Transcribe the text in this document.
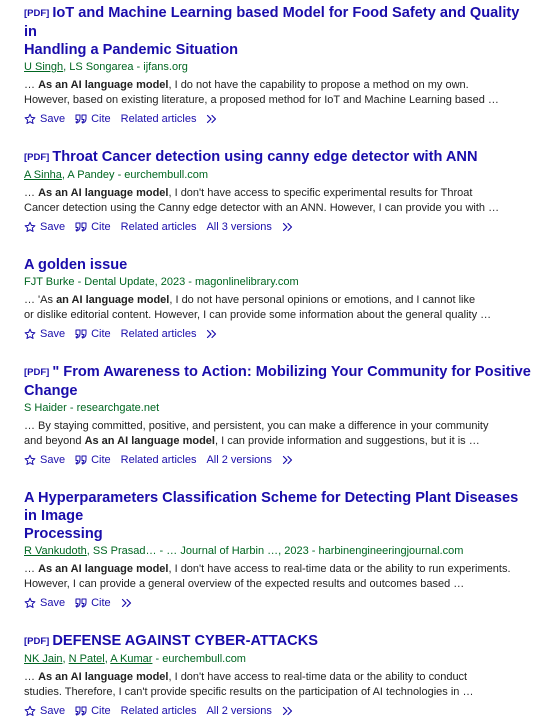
[PDF] IoT and Machine Learning based Model for Food Safety and Quality in
Handling a Pandemic Situation
U Singh, LS Songarea - ijfans.org
… As an AI language model, I do not have the capability to propose a method on my own.
However, based on existing literature, a proposed method for IoT and Machine Learning based …
Save Cite Related articles
[PDF] Throat Cancer detection using canny edge detector with ANN
A Sinha, A Pandey - eurchembull.com
… As an AI language model, I don't have access to specific experimental results for Throat
Cancer detection using the Canny edge detector with an ANN. However, I can provide you with …
Save Cite Related articles All 3 versions
A golden issue
FJT Burke - Dental Update, 2023 - magonlinelibrary.com
… 'As an AI language model, I do not have personal opinions or emotions, and I cannot like
or dislike editorial content. However, I can provide some information about the general quality …
Save Cite Related articles
[PDF] " From Awareness to Action: Mobilizing Your Community for Positive Change
S Haider - researchgate.net
… By staying committed, positive, and persistent, you can make a difference in your community
and beyond As an AI language model, I can provide information and suggestions, but it is …
Save Cite Related articles All 2 versions
A Hyperparameters Classification Scheme for Detecting Plant Diseases in Image
Processing
R Vankudoth, SS Prasad… - … Journal of Harbin …, 2023 - harbinengineeringjournal.com
… As an AI language model, I don't have access to real-time data or the ability to run experiments.
However, I can provide a general overview of the expected results and outcomes based …
Save Cite
[PDF] DEFENSE AGAINST CYBER-ATTACKS
NK Jain, N Patel, A Kumar - eurchembull.com
… As an AI language model, I don't have access to real-time data or the ability to conduct
studies. Therefore, I can't provide specific results on the participation of AI technologies in …
Save Cite Related articles All 2 versions
